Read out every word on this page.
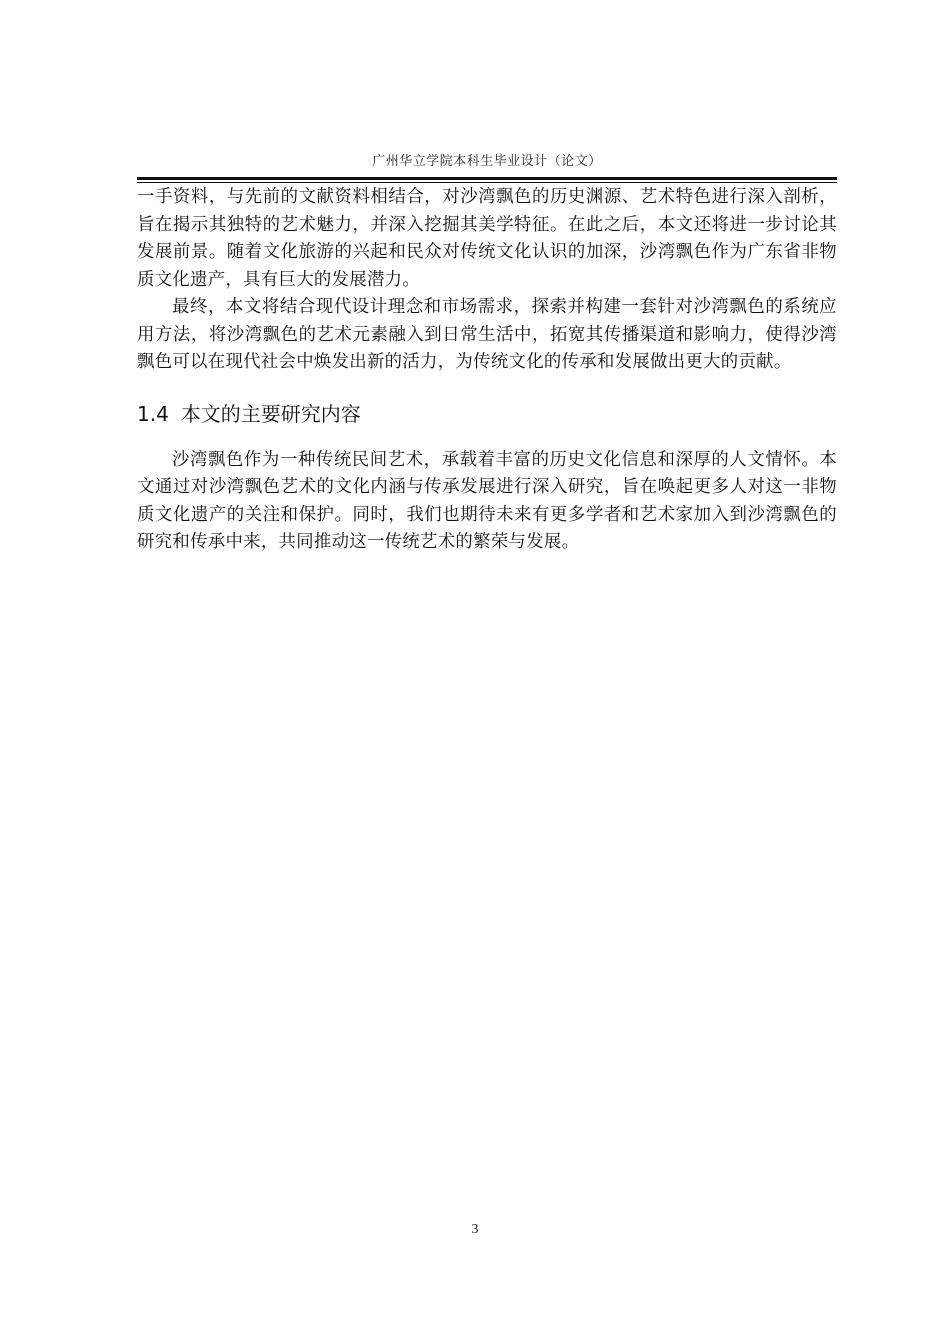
广州华立学院本科生毕业设计（论文）

一手资料，与先前的文献资料相结合，对沙湾飘色的历史渊源、艺术特色进行深入剖析，旨在揭示其独特的艺术魅力，并深入挖掘其美学特征。在此之后，本文还将进一步讨论其发展前景。随着文化旅游的兴起和民众对传统文化认识的加深，沙湾飘色作为广东省非物质文化遗产，具有巨大的发展潜力。

最终，本文将结合现代设计理念和市场需求，探索并构建一套针对沙湾飘色的系统应用方法，将沙湾飘色的艺术元素融入到日常生活中，拓宽其传播渠道和影响力，使得沙湾飘色可以在现代社会中焕发出新的活力，为传统文化的传承和发展做出更大的贡献。

1.4 本文的主要研究内容

沙湾飘色作为一种传统民间艺术，承载着丰富的历史文化信息和深厚的人文情怀。本文通过对沙湾飘色艺术的文化内涵与传承发展进行深入研究，旨在唤起更多人对这一非物质文化遗产的关注和保护。同时，我们也期待未来有更多学者和艺术家加入到沙湾飘色的研究和传承中来，共同推动这一传统艺术的繁荣与发展。

3
